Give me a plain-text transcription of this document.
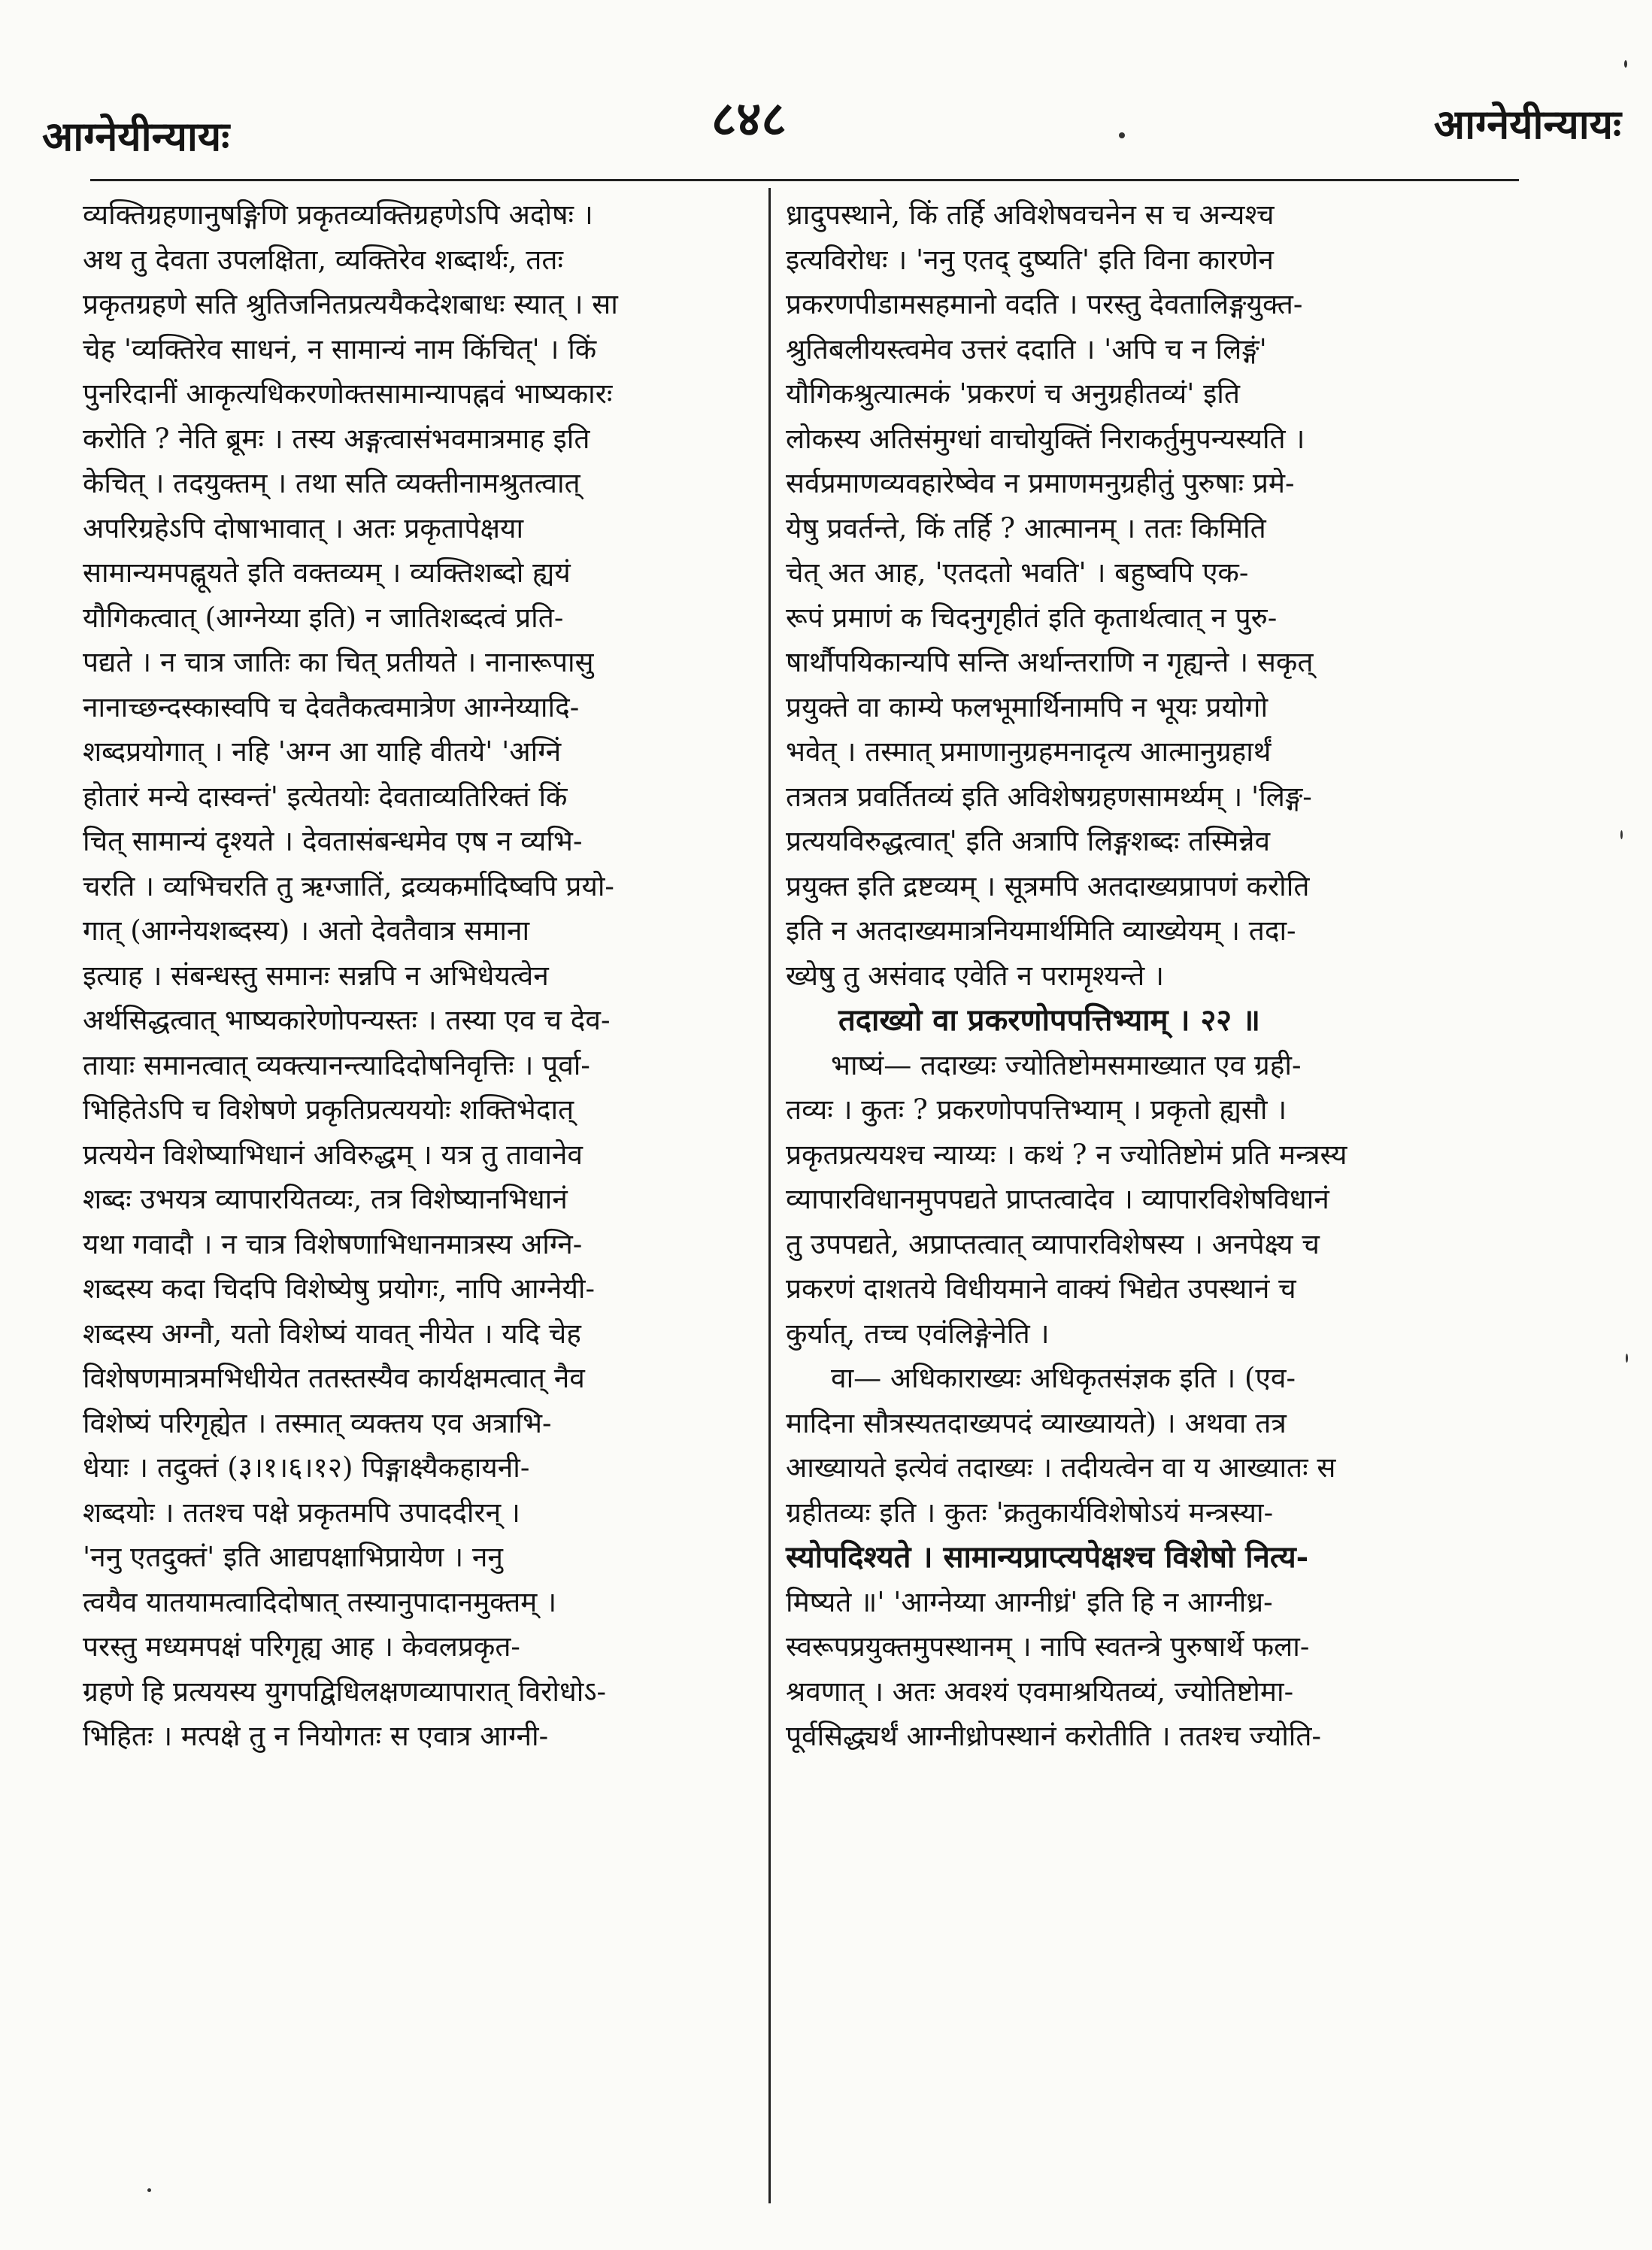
आग्नेयीन्यायः	८४८	आग्नेयीन्यायः

व्यक्तिग्रहणानुषङ्गिणि प्रकृतव्यक्तिग्रहणेऽपि अदोषः ।

अथ तु देवता उपलक्षिता, व्यक्तिरेव शब्दार्थः, ततः

प्रकृतग्रहणे सति श्रुतिजनितप्रत्ययैकदेशबाधः स्यात् । सा

चेह 'व्यक्तिरेव साधनं, न सामान्यं नाम किंचित्' । किं

पुनरिदानीं आकृत्यधिकरणोक्तसामान्यापह्नवं भाष्यकारः

करोति ? नेति ब्रूमः । तस्य अङ्गत्वासंभवमात्रमाह इति

केचित् । तदयुक्तम् । तथा सति व्यक्तीनामश्रुतत्वात्

अपरिग्रहेऽपि दोषाभावात् । अतः प्रकृतापेक्षया

सामान्यमपह्नूयते इति वक्तव्यम् । व्यक्तिशब्दो ह्ययं

यौगिकत्वात् (आग्नेय्या इति) न जातिशब्दत्वं प्रति-

पद्यते । न चात्र जातिः का चित् प्रतीयते । नानारूपासु

नानाच्छन्दस्कास्वपि च देवतैकत्वमात्रेण आग्नेय्यादि-

शब्दप्रयोगात् । नहि 'अग्न आ याहि वीतये' 'अग्निं

होतारं मन्ये दास्वन्तं' इत्येतयोः देवताव्यतिरिक्तं किं

चित् सामान्यं दृश्यते । देवतासंबन्धमेव एष न व्यभि-

चरति । व्यभिचरति तु ऋग्जातिं, द्रव्यकर्मादिष्वपि प्रयो-

गात् (आग्नेयशब्दस्य) । अतो देवतैवात्र समाना

इत्याह । संबन्धस्तु समानः सन्नपि न अभिधेयत्वेन

अर्थसिद्धत्वात् भाष्यकारेणोपन्यस्तः । तस्या एव च देव-

तायाः समानत्वात् व्यक्त्यानन्त्यादिदोषनिवृत्तिः । पूर्वा-

भिहितेऽपि च विशेषणे प्रकृतिप्रत्यययोः शक्तिभेदात्

प्रत्ययेन विशेष्याभिधानं अविरुद्धम् । यत्र तु तावानेव

शब्दः उभयत्र व्यापारयितव्यः, तत्र विशेष्यानभिधानं

यथा गवादौ । न चात्र विशेषणाभिधानमात्रस्य अग्नि-

शब्दस्य कदा चिदपि विशेष्येषु प्रयोगः, नापि आग्नेयी-

शब्दस्य अग्नौ, यतो विशेष्यं यावत् नीयेत । यदि चेह

विशेषणमात्रमभिधीयेत ततस्तस्यैव कार्यक्षमत्वात् नैव

विशेष्यं परिगृह्येत । तस्मात् व्यक्तय एव अत्राभि-

धेयाः । तदुक्तं (३।१।६।१२) पिङ्गाक्ष्यैकहायनी-

शब्दयोः । ततश्च पक्षे प्रकृतमपि उपाददीरन् ।

'ननु एतदुक्तं' इति आद्यपक्षाभिप्रायेण । ननु

त्वयैव यातयामत्वादिदोषात् तस्यानुपादानमुक्तम् ।

परस्तु मध्यमपक्षं परिगृह्य आह । केवलप्रकृत-

ग्रहणे हि प्रत्ययस्य युगपद्विधिलक्षणव्यापारात् विरोधोऽ-

भिहितः । मत्पक्षे तु न नियोगतः स एवात्र आग्नी-

ध्रादुपस्थाने, किं तर्हि अविशेषवचनेन स च अन्यश्च

इत्यविरोधः । 'ननु एतद् दुष्यति' इति विना कारणेन

प्रकरणपीडामसहमानो वदति । परस्तु देवतालिङ्गयुक्त-

श्रुतिबलीयस्त्वमेव उत्तरं ददाति । 'अपि च न लिङ्गं'

यौगिकश्रुत्यात्मकं 'प्रकरणं च अनुग्रहीतव्यं' इति

लोकस्य अतिसंमुग्धां वाचोयुक्तिं निराकर्तुमुपन्यस्यति ।

सर्वप्रमाणव्यवहारेष्वेव न प्रमाणमनुग्रहीतुं पुरुषाः प्रमे-

येषु प्रवर्तन्ते, किं तर्हि ? आत्मानम् । ततः किमिति

चेत् अत आह, 'एतदतो भवति' । बहुष्वपि एक-

रूपं प्रमाणं क चिदनुगृहीतं इति कृतार्थत्वात् न पुरु-

षार्थौपयिकान्यपि सन्ति अर्थान्तराणि न गृह्यन्ते । सकृत्

प्रयुक्ते वा काम्ये फलभूमार्थिनामपि न भूयः प्रयोगो

भवेत् । तस्मात् प्रमाणानुग्रहमनादृत्य आत्मानुग्रहार्थं

तत्रतत्र प्रवर्तितव्यं इति अविशेषग्रहणसामर्थ्यम् । 'लिङ्ग-

प्रत्ययविरुद्धत्वात्' इति अत्रापि लिङ्गशब्दः तस्मिन्नेव

प्रयुक्त इति द्रष्टव्यम् । सूत्रमपि अतदाख्यप्रापणं करोति

इति न अतदाख्यमात्रनियमार्थमिति व्याख्येयम् । तदा-

ख्येषु तु असंवाद एवेति न परामृश्यन्ते ।

तदाख्यो वा प्रकरणोपपत्तिभ्याम् । २२ ॥

भाष्यं— तदाख्यः ज्योतिष्टोमसमाख्यात एव ग्रही-

तव्यः । कुतः ? प्रकरणोपपत्तिभ्याम् । प्रकृतो ह्यसौ ।

प्रकृतप्रत्ययश्च न्याय्यः । कथं ? न ज्योतिष्टोमं प्रति मन्त्रस्य

व्यापारविधानमुपपद्यते प्राप्तत्वादेव । व्यापारविशेषविधानं

तु उपपद्यते, अप्राप्तत्वात् व्यापारविशेषस्य । अनपेक्ष्य च

प्रकरणं दाशतये विधीयमाने वाक्यं भिद्येत उपस्थानं च

कुर्यात्, तच्च एवंलिङ्गेनेति ।

वा— अधिकाराख्यः अधिकृतसंज्ञक इति । (एव-

मादिना सौत्रस्यतदाख्यपदं व्याख्यायते) । अथवा तत्र

आख्यायते इत्येवं तदाख्यः । तदीयत्वेन वा य आख्यातः स

ग्रहीतव्यः इति । कुतः 'क्रतुकार्यविशेषोऽयं मन्त्रस्या-

स्योपदिश्यते । सामान्यप्राप्त्यपेक्षश्च विशेषो नित्य-

मिष्यते ॥' 'आग्नेय्या आग्नीध्रं' इति हि न आग्नीध्र-

स्वरूपप्रयुक्तमुपस्थानम् । नापि स्वतन्त्रे पुरुषार्थे फला-

श्रवणात् । अतः अवश्यं एवमाश्रयितव्यं, ज्योतिष्टोमा-

पूर्वसिद्ध्यर्थं आग्नीध्रोपस्थानं करोतीति । ततश्च ज्योति-
